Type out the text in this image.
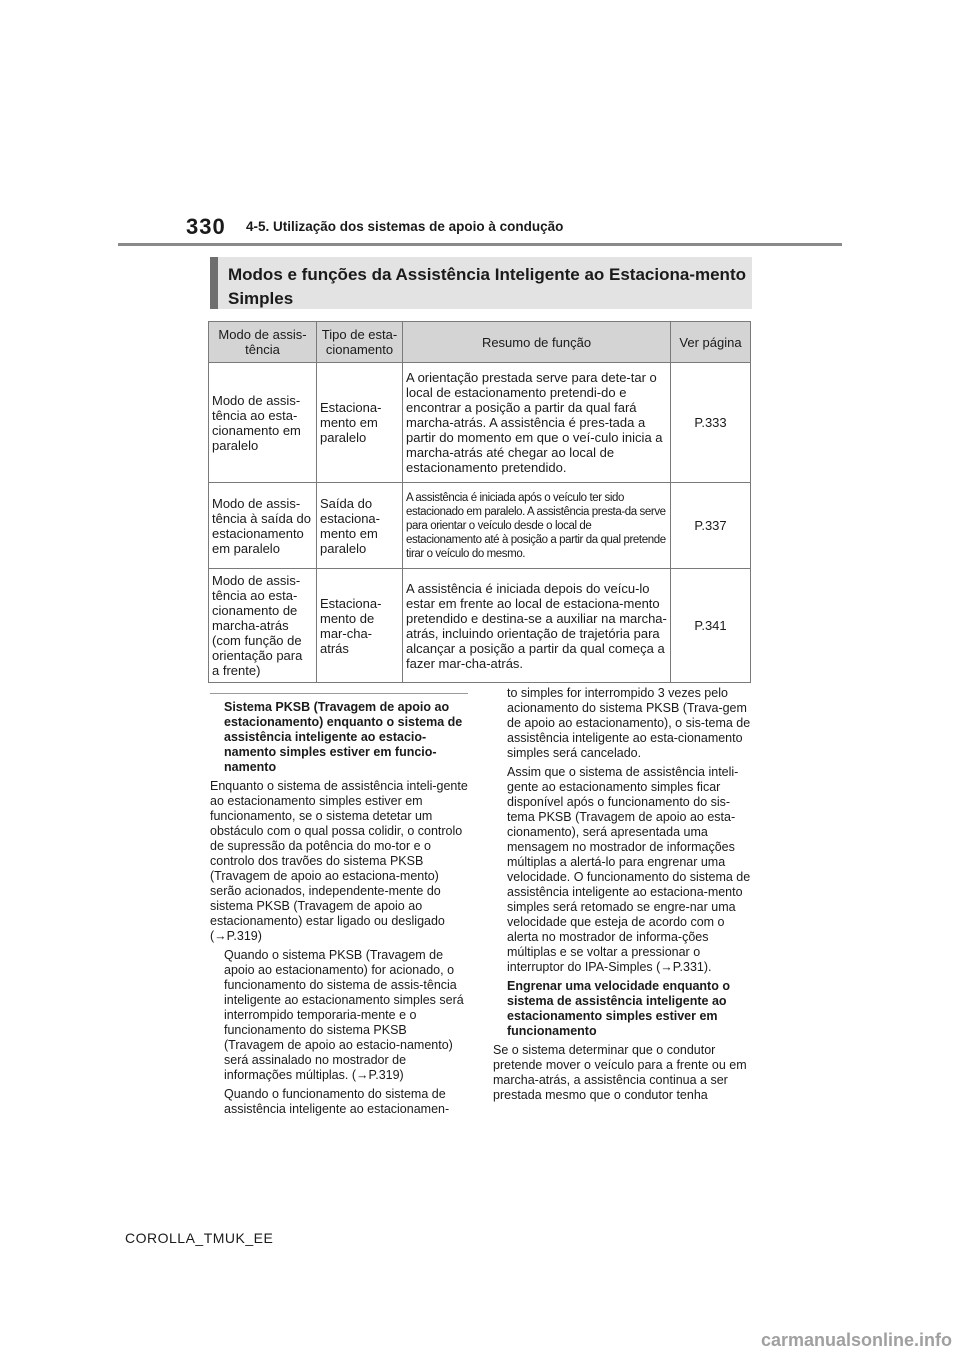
330 4-5. Utilização dos sistemas de apoio à condução
Modos e funções da Assistência Inteligente ao Estaciona-mento Simples
Modo de assis-tência	Tipo de esta-cionamento	Resumo de função	Ver página
Modo de assis-tência ao esta-cionamento em paralelo	Estaciona-mento em paralelo	A orientação prestada serve para dete-tar o local de estacionamento pretendi-do e encontrar a posição a partir da qual fará marcha-atrás. A assistência é pres-tada a partir do momento em que o veí-culo inicia a marcha-atrás até chegar ao local de estacionamento pretendido.	P.333
Modo de assis-tência à saída do estacionamento em paralelo	Saída do estaciona-mento em paralelo	A assistência é iniciada após o veículo ter sido estacionado em paralelo. A assistência presta-da serve para orientar o veículo desde o local de estacionamento até à posição a partir da qual pretende tirar o veículo do mesmo.	P.337
Modo de assis-tência ao esta-cionamento de marcha-atrás (com função de orientação para a frente)	Estaciona-mento de mar-cha-atrás	A assistência é iniciada depois do veícu-lo estar em frente ao local de estaciona-mento pretendido e destina-se a auxiliar na marcha-atrás, incluindo orientação de trajetória para alcançar a posição a partir da qual começa a fazer mar-cha-atrás.	P.341

Sistema PKSB (Travagem de apoio ao estacionamento) enquanto o sistema de assistência inteligente ao estacio-namento simples estiver em funcio-namento

Enquanto o sistema de assistência inteli-gente ao estacionamento simples estiver em funcionamento, se o sistema detetar um obstáculo com o qual possa colidir, o controlo de supressão da potência do mo-tor e o controlo dos travões do sistema PKSB (Travagem de apoio ao estaciona-mento) serão acionados, independente-mente do sistema PKSB (Travagem de apoio ao estacionamento) estar ligado ou desligado (→P.319)

Quando o sistema PKSB (Travagem de apoio ao estacionamento) for acionado, o funcionamento do sistema de assis-tência inteligente ao estacionamento simples será interrompido temporaria-mente e o funcionamento do sistema PKSB (Travagem de apoio ao estacio-namento) será assinalado no mostrador de informações múltiplas. (→P.319)

Quando o funcionamento do sistema de assistência inteligente ao estacionamen-

to simples for interrompido 3 vezes pelo acionamento do sistema PKSB (Trava-gem de apoio ao estacionamento), o sis-tema de assistência inteligente ao esta-cionamento simples será cancelado.

Assim que o sistema de assistência inteli-gente ao estacionamento simples ficar disponível após o funcionamento do sis-tema PKSB (Travagem de apoio ao esta-cionamento), será apresentada uma mensagem no mostrador de informações múltiplas a alertá-lo para engrenar uma velocidade. O funcionamento do sistema de assistência inteligente ao estaciona-mento simples será retomado se engre-nar uma velocidade que esteja de acordo com o alerta no mostrador de informa-ções múltiplas e se voltar a pressionar o interruptor do IPA-Simples (→P.331).

Engrenar uma velocidade enquanto o sistema de assistência inteligente ao estacionamento simples estiver em funcionamento

Se o sistema determinar que o condutor pretende mover o veículo para a frente ou em marcha-atrás, a assistência continua a ser prestada mesmo que o condutor tenha

COROLLA_TMUK_EE
carmanualsonline.info
